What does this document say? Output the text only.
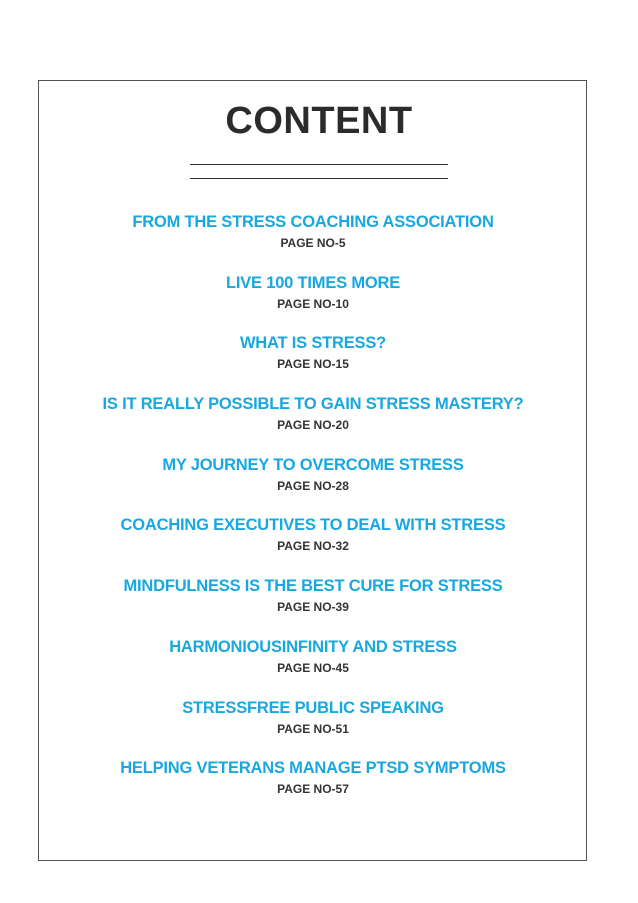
CONTENT
FROM THE STRESS COACHING ASSOCIATION
PAGE NO-5
LIVE 100 TIMES MORE
PAGE NO-10
WHAT IS STRESS?
PAGE NO-15
IS IT REALLY POSSIBLE TO GAIN STRESS MASTERY?
PAGE NO-20
MY JOURNEY TO OVERCOME STRESS
PAGE NO-28
COACHING EXECUTIVES TO DEAL WITH STRESS
PAGE NO-32
MINDFULNESS IS THE BEST CURE FOR STRESS
PAGE NO-39
HARMONIOUSINFINITY AND STRESS
PAGE NO-45
STRESSFREE PUBLIC SPEAKING
PAGE NO-51
HELPING VETERANS MANAGE PTSD SYMPTOMS
PAGE NO-57
